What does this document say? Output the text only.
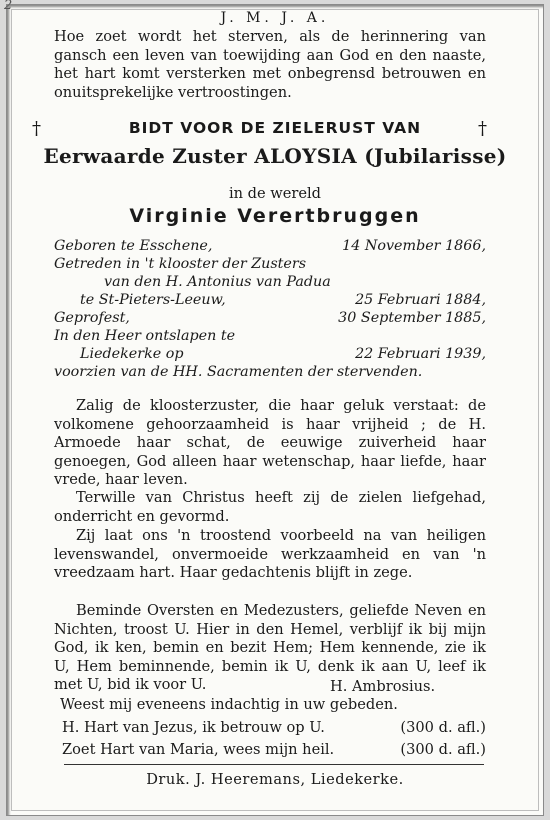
2
J. M. J. A.
Hoe zoet wordt het sterven, als de herinnering van gansch een leven van toewijding aan God en den naaste, het hart komt versterken met onbegrensd betrouwen en onuitsprekelijke vertroostingen.
†	†
BIDT VOOR DE ZIELERUST VAN
Eerwaarde Zuster ALOYSIA (Jubilarisse)
in de wereld
Virginie Verertbruggen
Geboren te Esschene,	14 November 1866,
Getreden in 't klooster der Zusters
van den H. Antonius van Padua
te St-Pieters-Leeuw,	25 Februari 1884,
Geprofest,	30 September 1885,
In den Heer ontslapen te
Liedekerke op	22 Februari 1939,
voorzien van de HH. Sacramenten der stervenden.
Zalig de kloosterzuster, die haar geluk verstaat: de volkomene gehoorzaamheid is haar vrijheid ; de H. Armoede haar schat, de eeuwige zuiverheid haar genoegen, God alleen haar wetenschap, haar liefde, haar vrede, haar leven.
Terwille van Christus heeft zij de zielen liefgehad, onderricht en gevormd.
Zij laat ons 'n troostend voorbeeld na van heiligen levenswandel, onvermoeide werkzaamheid en van 'n vreedzaam hart. Haar gedachtenis blijft in zege.
Beminde Oversten en Medezusters, geliefde Neven en Nichten, troost U. Hier in den Hemel, verblijf ik bij mijn God, ik ken, bemin en bezit Hem; Hem kennende, zie ik U, Hem beminnende, bemin ik U, denk ik aan U, leef ik met U, bid ik voor U.	H. Ambrosius.
Weest mij eveneens indachtig in uw gebeden.
H. Hart van Jezus, ik betrouw op U.	(300 d. afl.)
Zoet Hart van Maria, wees mijn heil.	(300 d. afl.)
Druk. J. Heeremans, Liedekerke.
